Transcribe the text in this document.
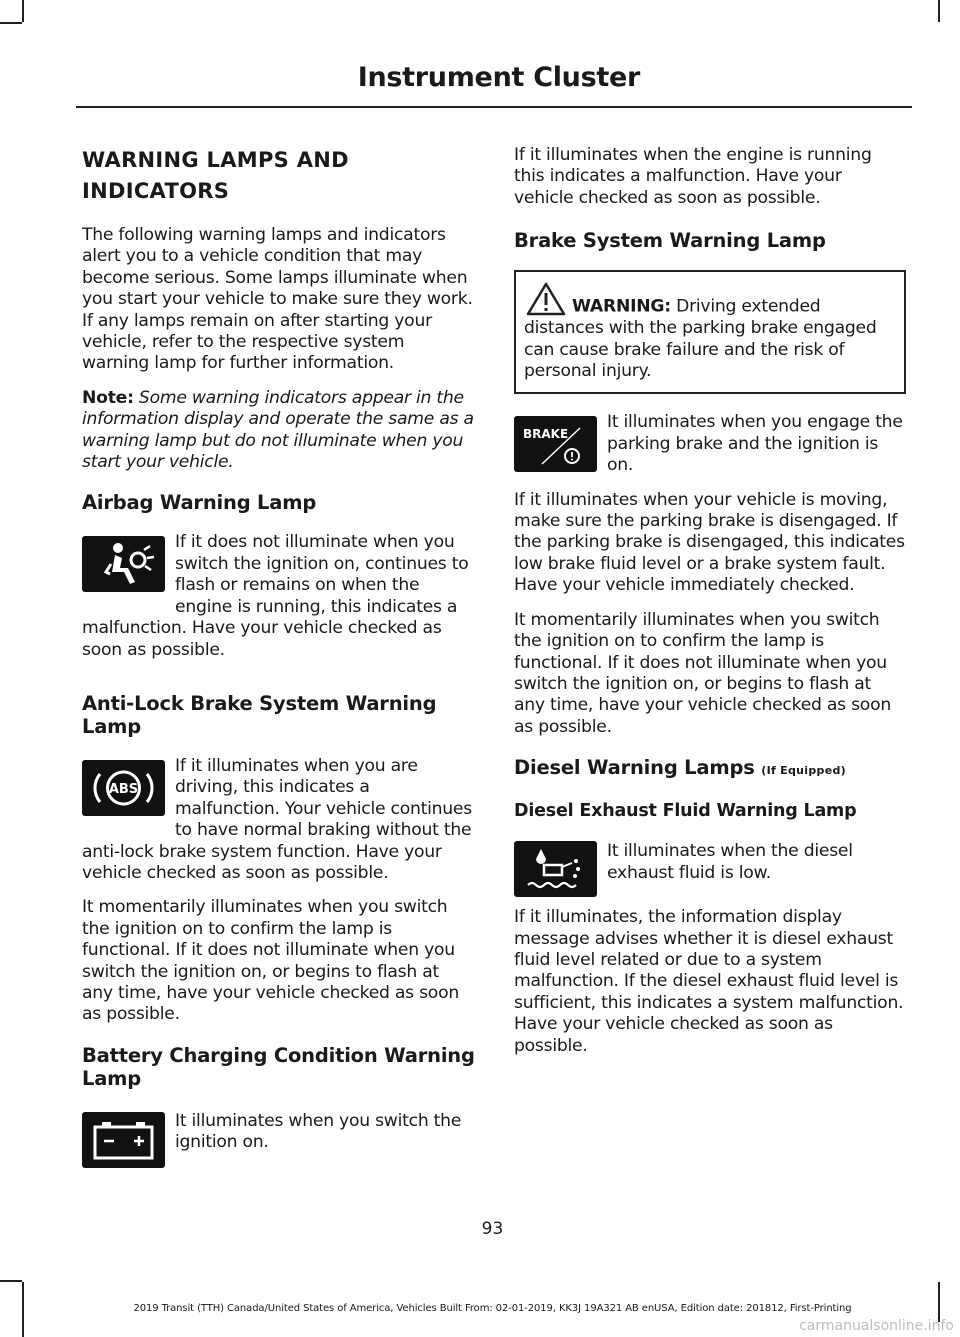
Instrument Cluster
WARNING LAMPS AND INDICATORS

The following warning lamps and indicators alert you to a vehicle condition that may become serious. Some lamps illuminate when you start your vehicle to make sure they work. If any lamps remain on after starting your vehicle, refer to the respective system warning lamp for further information.

Note: Some warning indicators appear in the information display and operate the same as a warning lamp but do not illuminate when you start your vehicle.

Airbag Warning Lamp

If it does not illuminate when you switch the ignition on, continues to flash or remains on when the engine is running, this indicates a malfunction. Have your vehicle checked as soon as possible.

Anti-Lock Brake System Warning Lamp
ABS

If it illuminates when you are driving, this indicates a malfunction. Your vehicle continues to have normal braking without the anti-lock brake system function. Have your vehicle checked as soon as possible.

It momentarily illuminates when you switch the ignition on to confirm the lamp is functional. If it does not illuminate when you switch the ignition on, or begins to flash at any time, have your vehicle checked as soon as possible.

Battery Charging Condition Warning Lamp

It illuminates when you switch the ignition on.

If it illuminates when the engine is running this indicates a malfunction. Have your vehicle checked as soon as possible.

Brake System Warning Lamp

WARNING: Driving extended distances with the parking brake engaged can cause brake failure and the risk of personal injury.

BRAKE

It illuminates when you engage the parking brake and the ignition is on.

If it illuminates when your vehicle is moving, make sure the parking brake is disengaged. If the parking brake is disengaged, this indicates low brake fluid level or a brake system fault. Have your vehicle immediately checked.

It momentarily illuminates when you switch the ignition on to confirm the lamp is functional. If it does not illuminate when you switch the ignition on, or begins to flash at any time, have your vehicle checked as soon as possible.

Diesel Warning Lamps (If Equipped)
Diesel Exhaust Fluid Warning Lamp

It illuminates when the diesel exhaust fluid is low.

If it illuminates, the information display message advises whether it is diesel exhaust fluid level related or due to a system malfunction. If the diesel exhaust fluid level is sufficient, this indicates a system malfunction. Have your vehicle checked as soon as possible.

93
2019 Transit (TTH) Canada/United States of America, Vehicles Built From: 02-01-2019, KK3J 19A321 AB enUSA, Edition date: 201812, First-Printing
carmanualsonline.info
